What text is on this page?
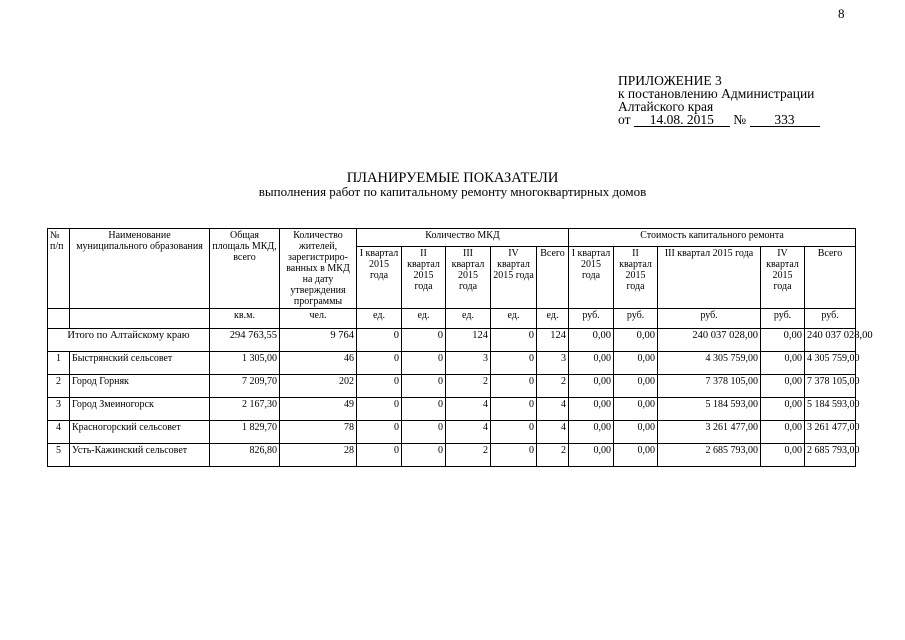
8
ПРИЛОЖЕНИЕ 3
к постановлению Администрации
Алтайского края
от 14.08. 2015 № 333
ПЛАНИРУЕМЫЕ ПОКАЗАТЕЛИ
выполнения работ по капитальному ремонту многоквартирных домов
№ п/п	Наименование муниципального образования	Общая площаль МКД, всего	Количество жителей, зарегистриро-ванных в МКД на дату утверждения программы	Количество МКД					Стоимость капитального ремонта				
				I квартал 2015 года	II квартал 2015 года	III квартал 2015 года	IV квартал 2015 года	Всего	I квартал 2015 года	II квартал 2015 года	III квартал 2015 года	IV квартал 2015 года	Всего
		кв.м.	чел.	ед.	ед.	ед.	ед.	ед.	руб.	руб.	руб.	руб.	руб.
Итого по Алтайскому краю		294 763,55	9 764	0	0	124	0	124	0,00	0,00	240 037 028,00	0,00	240 037 028,00
1	Быстрянский сельсовет	1 305,00	46	0	0	3	0	3	0,00	0,00	4 305 759,00	0,00	4 305 759,00
2	Город Горняк	7 209,70	202	0	0	2	0	2	0,00	0,00	7 378 105,00	0,00	7 378 105,00
3	Город Змеиногорск	2 167,30	49	0	0	4	0	4	0,00	0,00	5 184 593,00	0,00	5 184 593,00
4	Красногорский сельсовет	1 829,70	78	0	0	4	0	4	0,00	0,00	3 261 477,00	0,00	3 261 477,00
5	Усть-Кажинский сельсовет	826,80	28	0	0	2	0	2	0,00	0,00	2 685 793,00	0,00	2 685 793,00
